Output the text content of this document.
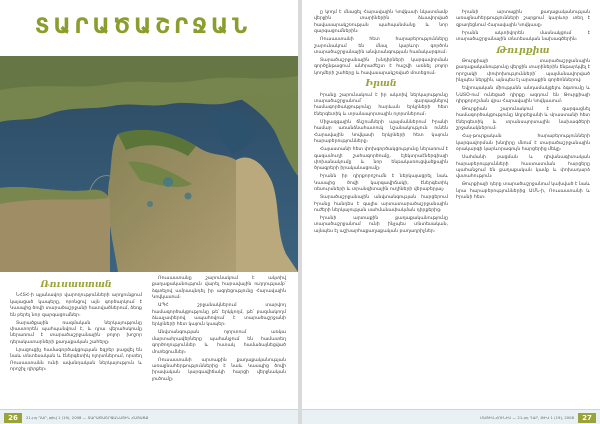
ՏԱՐԱԾԱՇՐՋԱՆ
Ռուսաստան

ՆՀՏՀ-ի պլանավոր վարողությունների արդյունքում կայացած կապերը, որոնցով այն գործարկում է Կասպից ծովի տարածաշրջանի հատվածներում, ձեռք են բերել նոր զարգացումներ։

Տարածքային ռազմական ներկայությունը փաստորեն պահպանվում է, և դրա վերահսկումը ներառում է տարածաշրջանային բոլոր խոշոր դերակատարների քաղաքական շահերը։

Լրացուցիչ համագործակցության եզրեր բացվել են նաև տնտեսական և էներգետիկ ոլորտներում, որտեղ Ռուսաստանն ունի ավանդական ներկայություն և որոշիչ դիրքեր։

Ռուսաստանը շարունակում է ակտիվ քաղաքականություն վարել հարավային ուղղությամբ՝ ձգտելով ամրապնդել իր ազդեցությունը Հարավային Կովկասում։

ԱՊՀ շրջանակներում տարվող համագործակցությունը թե՛ երկկողմ, թե՛ բազմակողմ ձևաչափերով ապահովում է տարածաշրջանի երկրների հետ կայուն կապեր։

Անվտանգության ոլորտում առկա մարտահրավերները պահանջում են համատեղ գործողություններ և հստակ համաձայնեցված մոտեցումներ։

Ռուսաստանի արտաքին քաղաքականության առաջնահերթություններից է նաև Կասպից ծովի իրավական կարգավիճակի հարցի վերջնական լուծումը։

26	21-րդ ԴԱՐ, թիվ 1 (19), 2008 — ՏԱՐԱԾԱՇՐՋԱՆԱՅԻՆ ՀԱՅԱՑՔ

ը կողմ է մնացել Հարավային Կովկասի նկատմամբ վերջին տարիներին ձևավորված հավասարակշռության պահպանմանը և նոր զարգացումներին։

Ռուսաստանի հետ հարաբերությունները շարունակում են մնալ կարևոր գործոն տարածաշրջանային անվտանգության համակարգում։

Տարածաշրջանային խնդիրների կարգավորման գործընթացում անհրաժեշտ է հաշվի առնել բոլոր կողմերի շահերը և հավասարակշռված մոտեցում։

Իրան

Իրանը շարունակում է իր ակտիվ ներկայությունը տարածաշրջանում՝ զարգացնելով համագործակցությունը հարևան երկրների հետ էներգետիկ և տրանսպորտային ոլորտներում։

Միջազգային ճնշումների պայմաններում Իրանի համար առանձնահատուկ նշանակություն ունեն Հարավային Կովկասի երկրների հետ կայուն հարաբերությունները։

Հայաստանի հետ փոխգործակցությունը ներառում է գազամուղի շահագործումը, էլեկտրաէներգիայի փոխանակումը և նոր ենթակառուցվածքային ծրագրերի իրականացումը։

Իրանն իր դիրքորոշումն է ներկայացրել նաև Կասպից ծովի կարգավիճակի, էներգետիկ ռեսուրսների և տրանզիտային ուղիների վերաբերյալ։

Տարածաշրջանային անվտանգության հարցերում Իրանը հանդես է գալիս արտատարածաշրջանային ուժերի ներկայության սահմանափակման դիրքերից։

Իրանի արտաքին քաղաքականությունը տարածաշրջանում ունի ինչպես տնտեսական, այնպես էլ աշխարհաքաղաքական բաղադրիչներ։

Իրանի արտաքին քաղաքականության առաջնահերթությունների շարքում կարևոր տեղ է զբաղեցնում Հարավային Կովկասը։

Իրանն ակտիվորեն մասնակցում է տարածաշրջանային տնտեսական նախագծերին։

Թուրքիա

Թուրքիայի տարածաշրջանային քաղաքականությունը վերջին տարիներին ենթարկվել է որոշակի փոփոխությունների՝ պայմանավորված ինչպես ներքին, այնպես էլ արտաքին գործոններով։

Եվրոպական միությանն անդամակցելու ձգտումը և ՆԱՏՕ-ում ունեցած դիրքը ազդում են Թուրքիայի դիրքորոշման վրա Հարավային Կովկասում։

Թուրքիան շարունակում է զարգացնել համագործակցությունը Ադրբեջանի և Վրաստանի հետ էներգետիկ և տրանսպորտային նախագծերի շրջանակներում։

Հայ-թուրքական հարաբերությունների կարգավորման խնդիրը մնում է տարածաշրջանային օրակարգի կարևորագույն հարցերից մեկը։

Սահմանի բացման և դիվանագիտական հարաբերությունների հաստատման հարցերը պահանջում են քաղաքական կամք և փոխադարձ վստահություն։

Թուրքիայի դերը տարածաշրջանում կախված է նաև նրա հարաբերություններից ԱՄՆ-ի, Ռուսաստանի և Իրանի հետ։

ՄԱՅԻՍ-ՀՈՒՆԻՍ — 21-րդ ԴԱՐ, ԹԻՎ 1 (19), 2008	27
